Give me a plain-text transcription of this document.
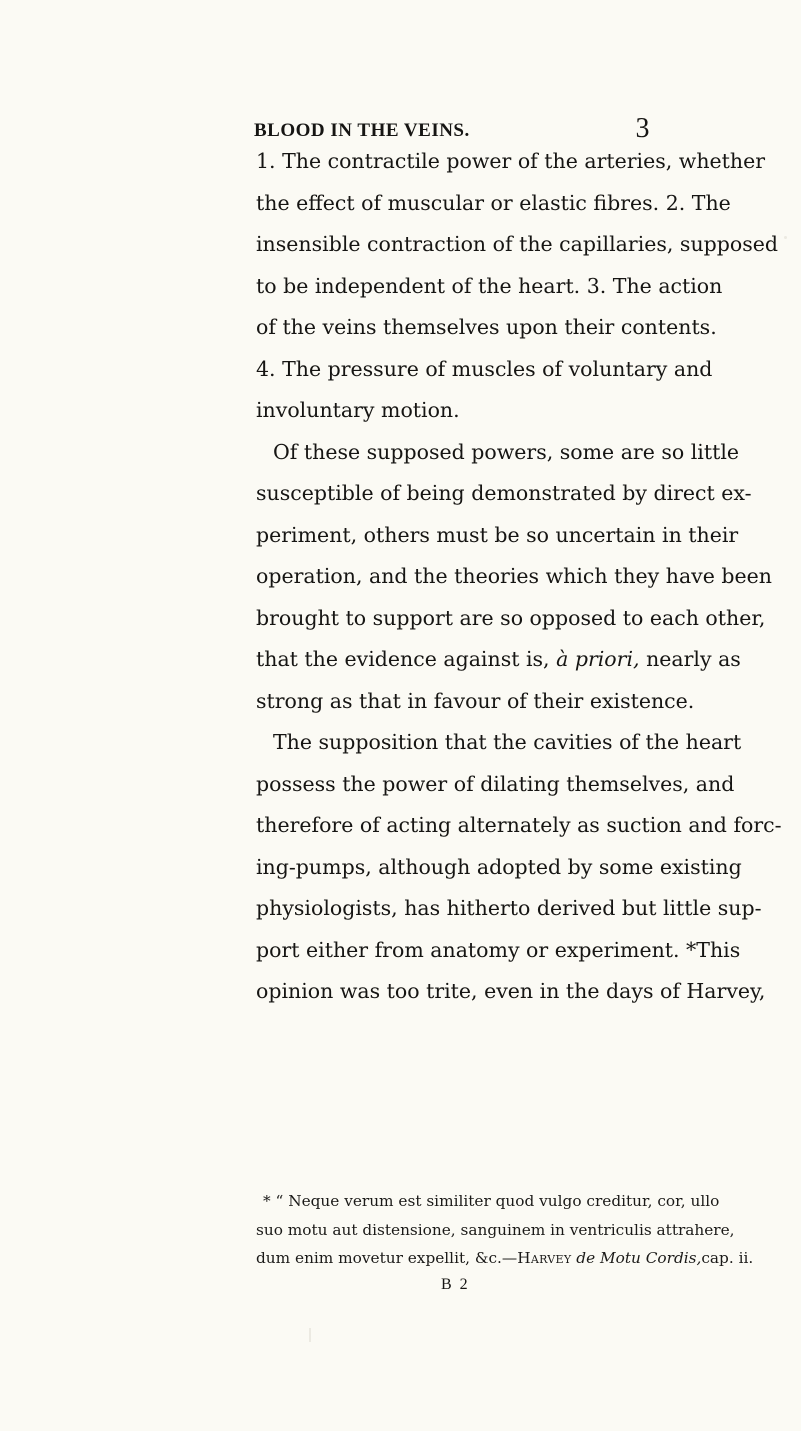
BLOOD IN THE VEINS.	3
1. The contractile power of the arteries, whether
the effect of muscular or elastic fibres. 2. The
insensible contraction of the capillaries, supposed
to be independent of the heart. 3. The action
of the veins themselves upon their contents.
4. The pressure of muscles of voluntary and
involuntary motion.
Of these supposed powers, some are so little
susceptible of being demonstrated by direct ex-
periment, others must be so uncertain in their
operation, and the theories which they have been
brought to support are so opposed to each other,
that the evidence against is, à priori, nearly as
strong as that in favour of their existence.
The supposition that the cavities of the heart
possess the power of dilating themselves, and
therefore of acting alternately as suction and forc-
ing-pumps, although adopted by some existing
physiologists, has hitherto derived but little sup-
port either from anatomy or experiment. *This
opinion was too trite, even in the days of Harvey,
* “ Neque verum est similiter quod vulgo creditur, cor, ullo
suo motu aut distensione, sanguinem in ventriculis attrahere,
dum enim movetur expellit, &c.—Harvey de Motu Cordis,cap. ii.
B 2
